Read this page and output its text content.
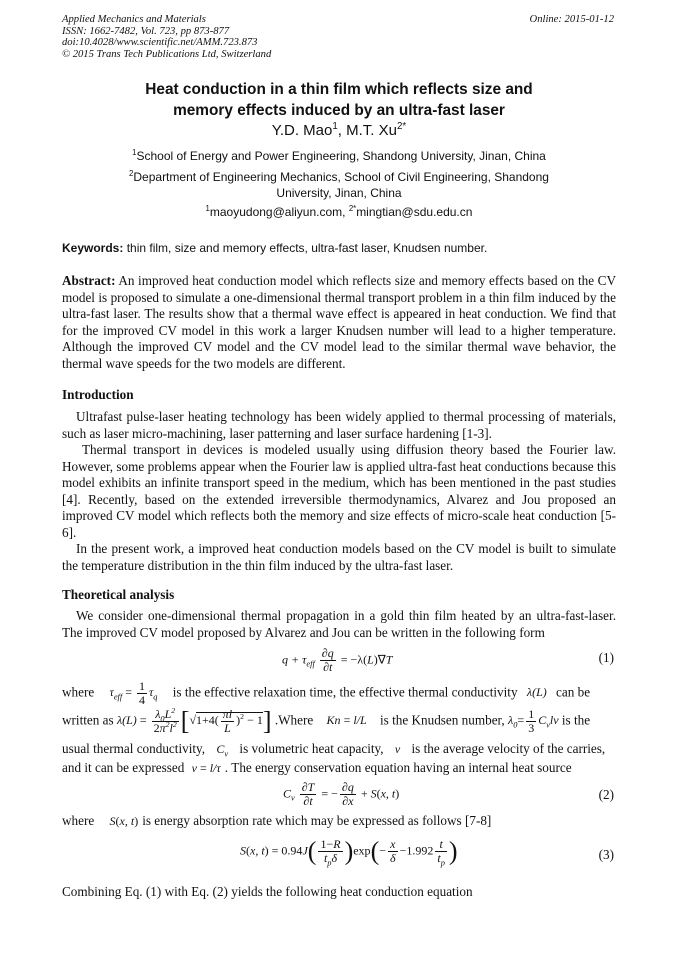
Applied Mechanics and Materials
ISSN: 1662-7482, Vol. 723, pp 873-877
doi:10.4028/www.scientific.net/AMM.723.873
© 2015 Trans Tech Publications Ltd, Switzerland
Online: 2015-01-12
Heat conduction in a thin film which reflects size and
memory effects induced by an ultra-fast laser
Y.D. Mao$^1$, M.T. $Xu^{2*}$
$^1$School of Energy and Power Engineering, Shandong University, Jinan, China
$^2$Department of Engineering Mechanics, School of Civil Engineering, Shandong
University, Jinan, China
$^1$maoyudong@aliyun.com, $^{2*}$mingtian@sdu.edu.cn
Keywords: thin film, size and memory effects, ultra-fast laser, Knudsen number.
Abstract: An improved heat conduction model which reflects size and memory effects based on the CV model is proposed to simulate a one-dimensional thermal transport problem in a thin film induced by the ultra-fast laser. The results show that a thermal wave effect is appeared in heat conduction. We find that for the improved CV model in this work a larger Knudsen number will lead to a higher temperature. Although the improved CV model and the CV model lead to the similar thermal wave behavior, the thermal wave speeds for the two models are different.
Introduction
Ultrafast pulse-laser heating technology has been widely applied to thermal processing of materials, such as laser micro-machining, laser patterning and laser surface hardening [1-3].
Thermal transport in devices is modeled usually using diffusion theory based the Fourier law. However, some problems appear when the Fourier law is applied ultra-fast heat conductions because this model exhibits an infinite transport speed in the medium, which has been mentioned in the past studies [4]. Recently, based on the extended irreversible thermodynamics, Alvarez and Jou proposed an improved CV model which reflects both the memory and size effects of micro-scale heat conduction [5-6].
In the present work, a improved heat conduction models based on the CV model is built to simulate the temperature distribution in the thin film induced by the ultra-fast laser.
Theoretical analysis
We consider one-dimensional thermal propagation in a gold thin film heated by an ultra-fast-laser. The improved CV model proposed by Alvarez and Jou can be written in the following form
$q + \tau_{eff} \frac{\partial q}{\partial t} = -\lambda(L)\nabla T$	(1)
where $\tau_{eff} = \frac{1}{4} \tau_q$ is the effective relaxation time, the effective thermal conductivity λ(L) can be
written as $\lambda(L) = \frac{\lambda_0L^2}{2\pi^2l^2} [√1+4( \frac{\pi l}{L} )^2 - 1]$ .Where Kn = l/L is the Knudsen number, $\lambda_0= \frac{1}{3} C_vlv$ is the
usual thermal conductivity, $C_v$ is volumetric heat capacity, v is the average velocity of the carries,
and it can be expressed v = l/τ . The energy conservation equation having an internal heat source
$C_v \frac{\partial T}{\partial t}$ = − $\frac{\partial q}{\partial x} + S(x$, t)	(2)
where S(x, t) is energy absorption rate which may be expressed as follows [7-8]
S(x, $t) = 0.94J( \frac{1-R}{t_p\delta} )\exp(- \frac{x}{\delta} -1.992 \frac{t}{t_p}$ )	(3)
Combining Eq. (1) with Eq. (2) yields the following heat conduction equation
